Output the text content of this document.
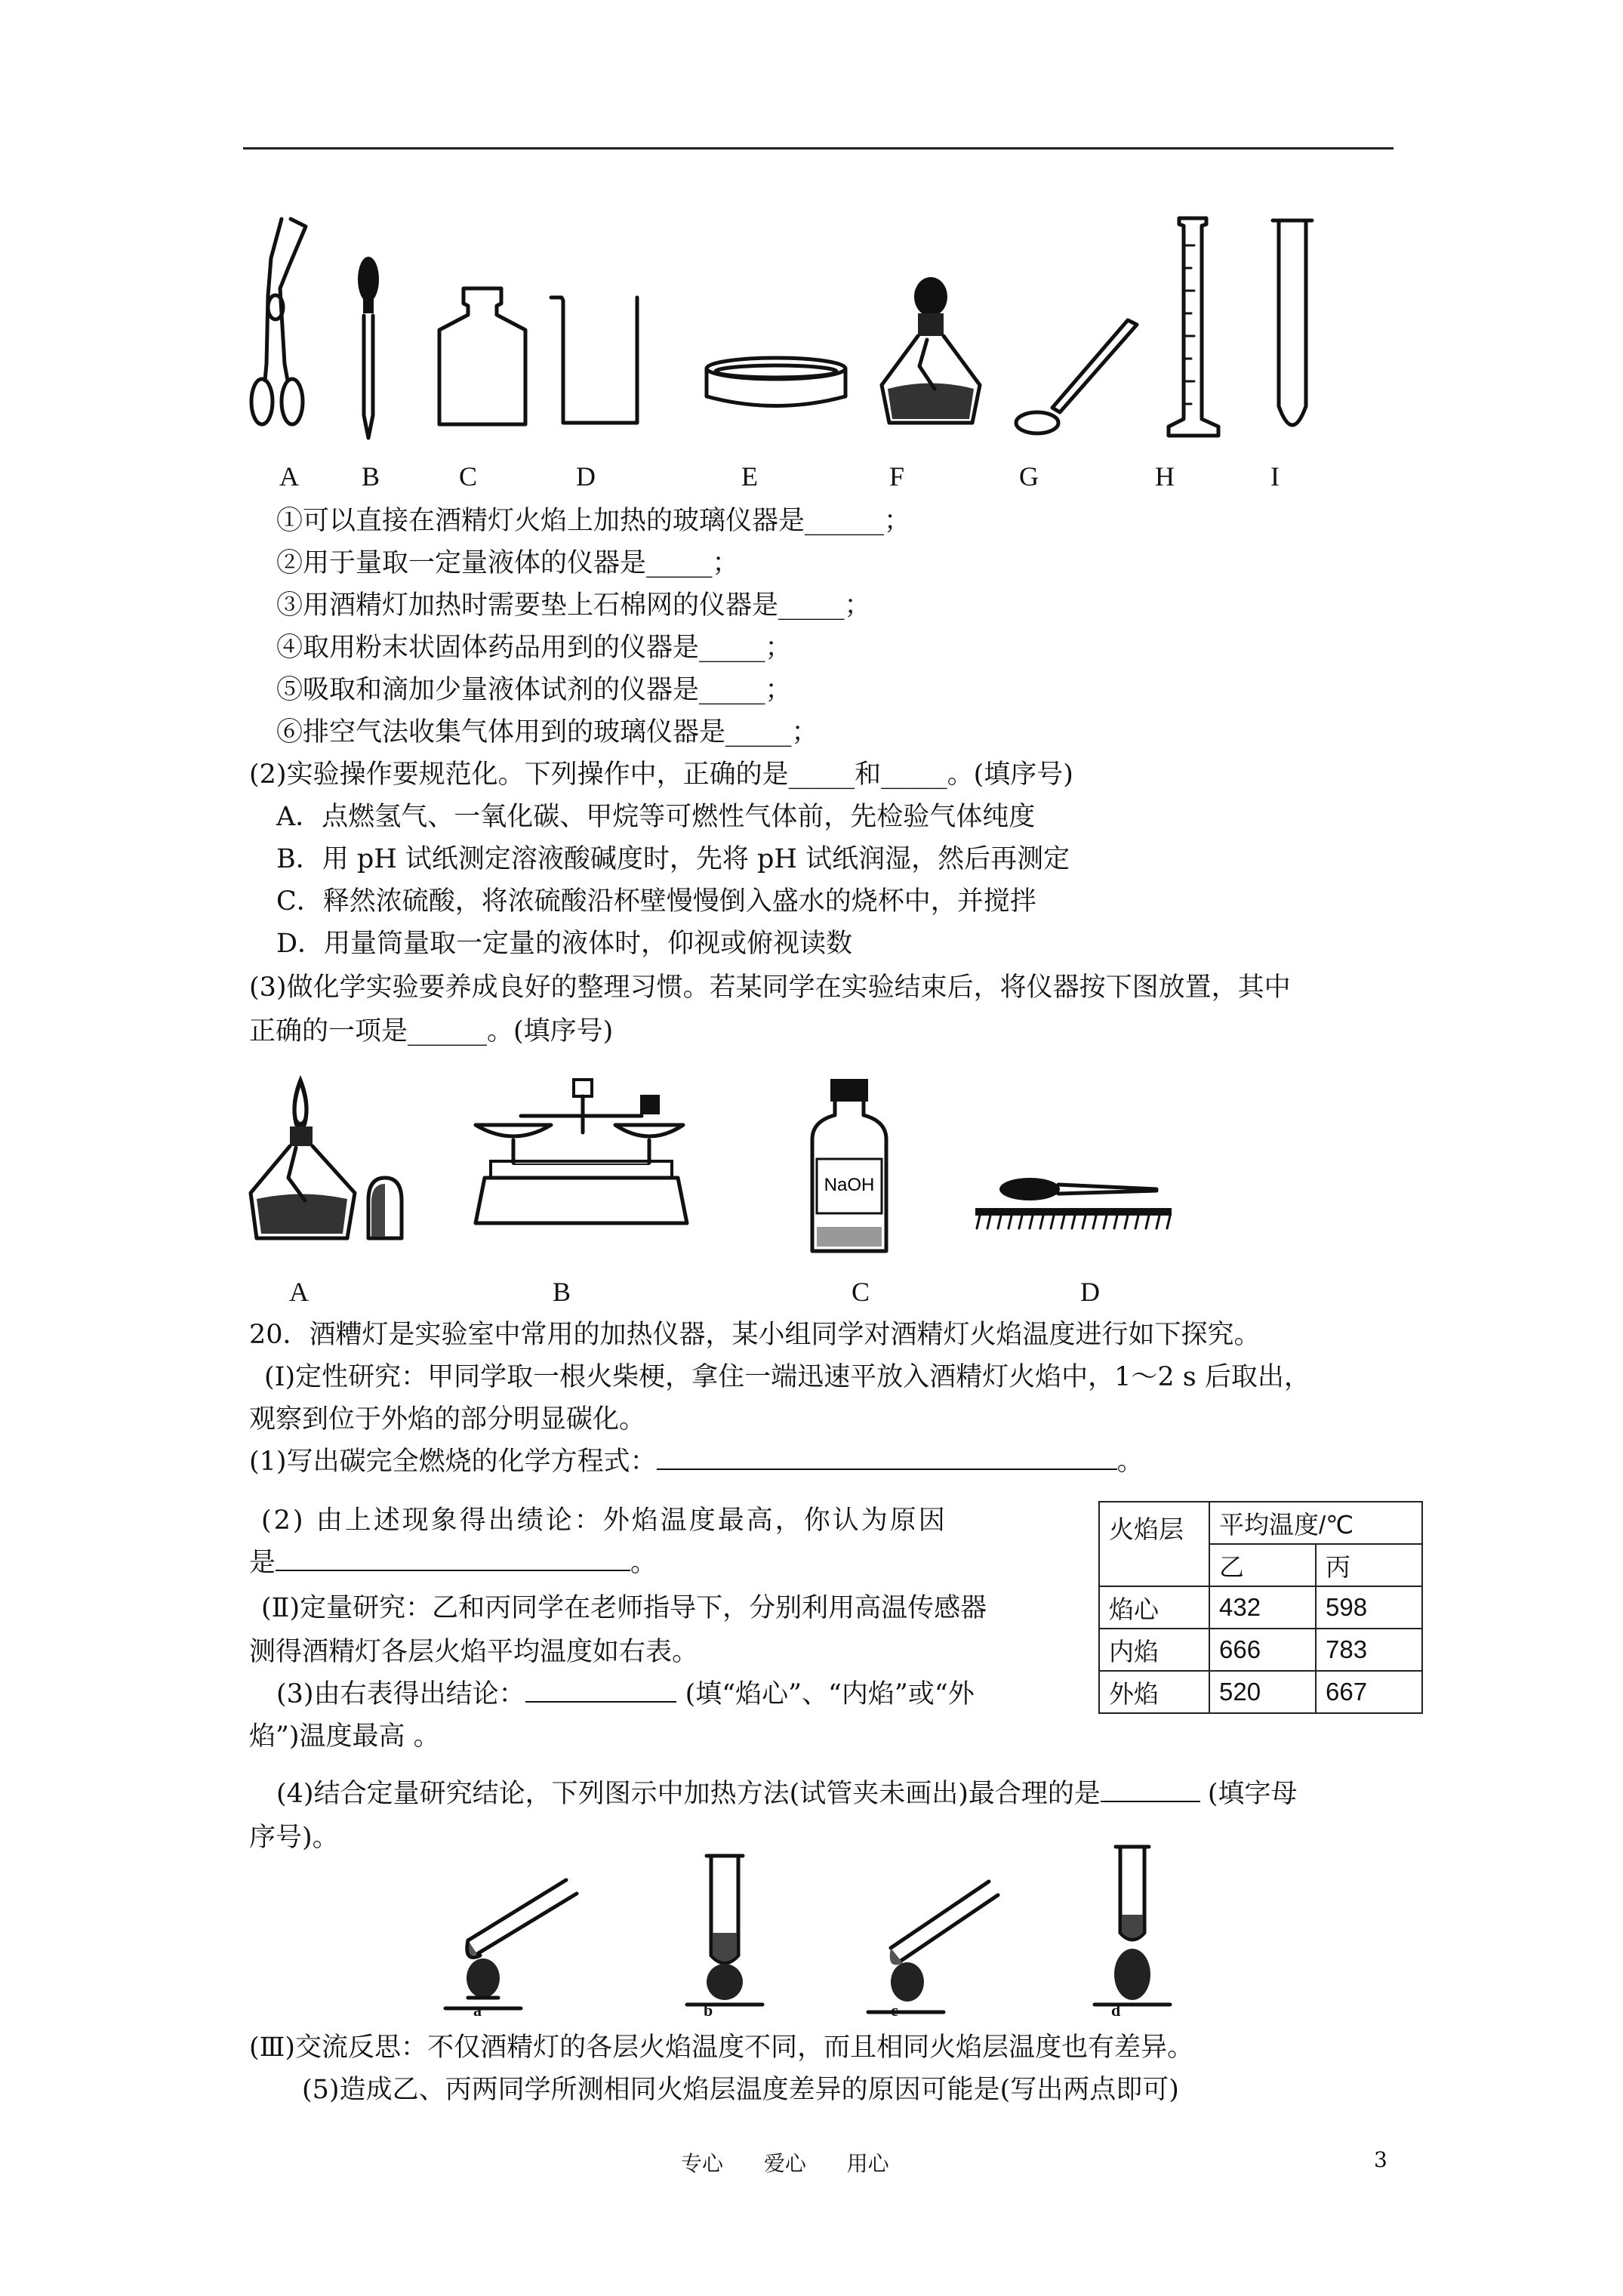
A B	C	D	E	F	G	H	I
①可以直接在酒精灯火焰上加热的玻璃仪器是______；
②用于量取一定量液体的仪器是_____；
③用酒精灯加热时需要垫上石棉网的仪器是_____；
④取用粉末状固体药品用到的仪器是_____；
⑤吸取和滴加少量液体试剂的仪器是_____；
⑥排空气法收集气体用到的玻璃仪器是_____；
(2)实验操作要规范化。下列操作中，正确的是_____和_____。(填序号)
A．点燃氢气、一氧化碳、甲烷等可燃性气体前，先检验气体纯度
B．用 pH 试纸测定溶液酸碱度时，先将 pH 试纸润湿，然后再测定
C．释然浓硫酸，将浓硫酸沿杯壁慢慢倒入盛水的烧杯中，并搅拌
D．用量筒量取一定量的液体时，仰视或俯视读数
(3)做化学实验要养成良好的整理习惯。若某同学在实验结束后，将仪器按下图放置，其中
正确的一项是______。(填序号)
NaOH
A	B	C	D
20．酒糟灯是实验室中常用的加热仪器，某小组同学对酒精灯火焰温度进行如下探究。
(Ⅰ)定性研究：甲同学取一根火柴梗，拿住一端迅速平放入酒精灯火焰中，1～2 s 后取出，
观察到位于外焰的部分明显碳化。
(1)写出碳完全燃烧的化学方程式：	。
(2) 由上述现象得出绩论：外焰温度最高，你认为原因
是	。
(Ⅱ)定量研究：乙和丙同学在老师指导下，分别利用高温传感器
测得酒精灯各层火焰平均温度如右表。
(3)由右表得出结论：	(填“焰心”、“内焰”或“外
焰”)温度最高 。
火焰层	平均温度/℃	
	乙	丙
焰心	432	598
内焰	666	783
外焰	520	667
(4)结合定量研究结论，下列图示中加热方法(试管夹未画出)最合理的是	(填字母
序号)。
a	b	c	d
(Ⅲ)交流反思：不仅酒精灯的各层火焰温度不同，而且相同火焰层温度也有差异。
(5)造成乙、丙两同学所测相同火焰层温度差异的原因可能是(写出两点即可)
专心 爱心 用心	3
